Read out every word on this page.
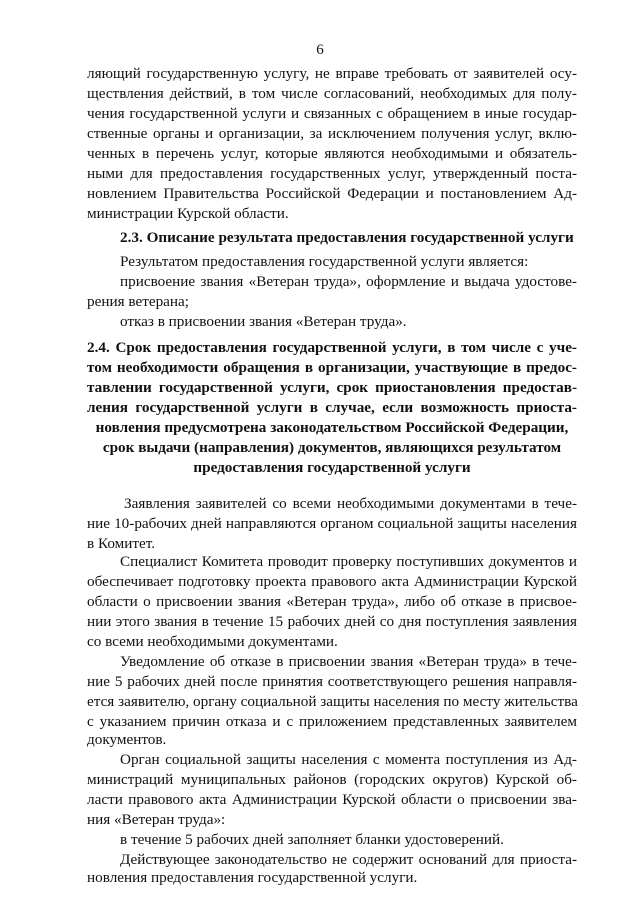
6
ляющий государственную услугу, не вправе требовать от заявителей осу-
ществления действий, в том числе согласований, необходимых для полу-
чения государственной услуги и связанных с обращением в иные государ-
ственные органы и организации, за исключением получения услуг, вклю-
ченных в перечень услуг, которые являются необходимыми и обязатель-
ными для предоставления государственных услуг, утвержденный поста-
новлением Правительства Российской Федерации и постановлением Ад-
министрации Курской области.
2.3. Описание результата предоставления государственной услуги
Результатом предоставления государственной услуги является:
присвоение звания «Ветеран труда», оформление и выдача удостове-
рения ветерана;
отказ в присвоении звания «Ветеран труда».
2.4. Срок предоставления государственной услуги, в том числе с уче-
том необходимости обращения в организации, участвующие в предос-
тавлении государственной услуги, срок приостановления предостав-
ления государственной услуги в случае, если возможность приоста-
новления предусмотрена законодательством Российской Федерации,
срок выдачи (направления) документов, являющихся результатом
предоставления государственной услуги
Заявления заявителей со всеми необходимыми документами в тече-
ние 10-рабочих дней направляются органом социальной защиты населения
в Комитет.
Специалист Комитета проводит проверку поступивших документов и
обеспечивает подготовку проекта правового акта Администрации Курской
области о присвоении звания «Ветеран труда», либо об отказе в присвое-
нии этого звания в течение 15 рабочих дней со дня поступления заявления
со всеми необходимыми документами.
Уведомление об отказе в присвоении звания «Ветеран труда» в тече-
ние 5 рабочих дней после принятия соответствующего решения направля-
ется заявителю, органу социальной защиты населения по месту жительства
с указанием причин отказа и с приложением представленных заявителем
документов.
Орган социальной защиты населения с момента поступления из Ад-
министраций муниципальных районов (городских округов) Курской об-
ласти правового акта Администрации Курской области о присвоении зва-
ния «Ветеран труда»:
в течение 5 рабочих дней заполняет бланки удостоверений.
Действующее законодательство не содержит оснований для приоста-
новления предоставления государственной услуги.
